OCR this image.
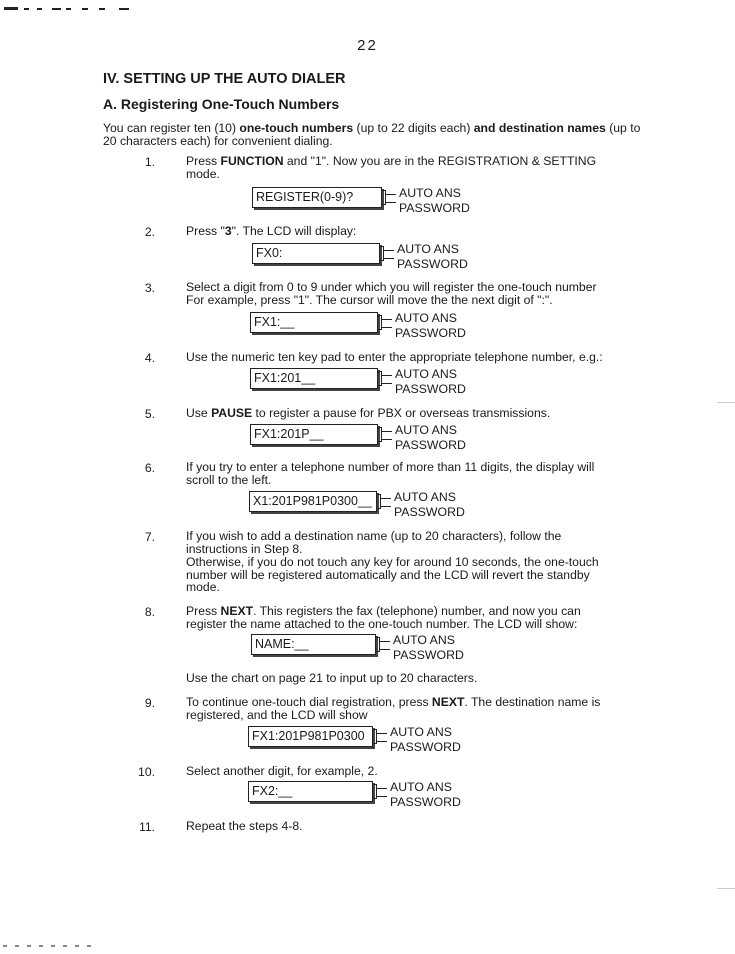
22
IV. SETTING UP THE AUTO DIALER
A. Registering One-Touch Numbers
You can register ten (10) one-touch numbers (up to 22 digits each) and destination names (up to 20 characters each) for convenient dialing.
1.	Press FUNCTION and "1". Now you are in the REGISTRATION & SETTING mode.
REGISTER(0-9)?	AUTO ANS
PASSWORD
2.	Press "3". The LCD will display:
FX0:	AUTO ANS
PASSWORD
3.	Select a digit from 0 to 9 under which you will register the one-touch number For example, press "1". The cursor will move the the next digit of ":".
FX1:__	AUTO ANS
PASSWORD
4.	Use the numeric ten key pad to enter the appropriate telephone number, e.g.:
FX1:201__	AUTO ANS
PASSWORD
5.	Use PAUSE to register a pause for PBX or overseas transmissions.
FX1:201P__	AUTO ANS
PASSWORD
6.	If you try to enter a telephone number of more than 11 digits, the display will scroll to the left.
X1:201P981P0300__	AUTO ANS
PASSWORD
7.	If you wish to add a destination name (up to 20 characters), follow the instructions in Step 8.
Otherwise, if you do not touch any key for around 10 seconds, the one-touch number will be registered automatically and the LCD will revert the standby mode.
8.	Press NEXT. This registers the fax (telephone) number, and now you can register the name attached to the one-touch number. The LCD will show:
NAME:__	AUTO ANS
PASSWORD
Use the chart on page 21 to input up to 20 characters.
9.	To continue one-touch dial registration, press NEXT. The destination name is registered, and the LCD will show
FX1:201P981P0300	AUTO ANS
PASSWORD
10.	Select another digit, for example, 2.
FX2:__	AUTO ANS
PASSWORD
11.	Repeat the steps 4-8.
